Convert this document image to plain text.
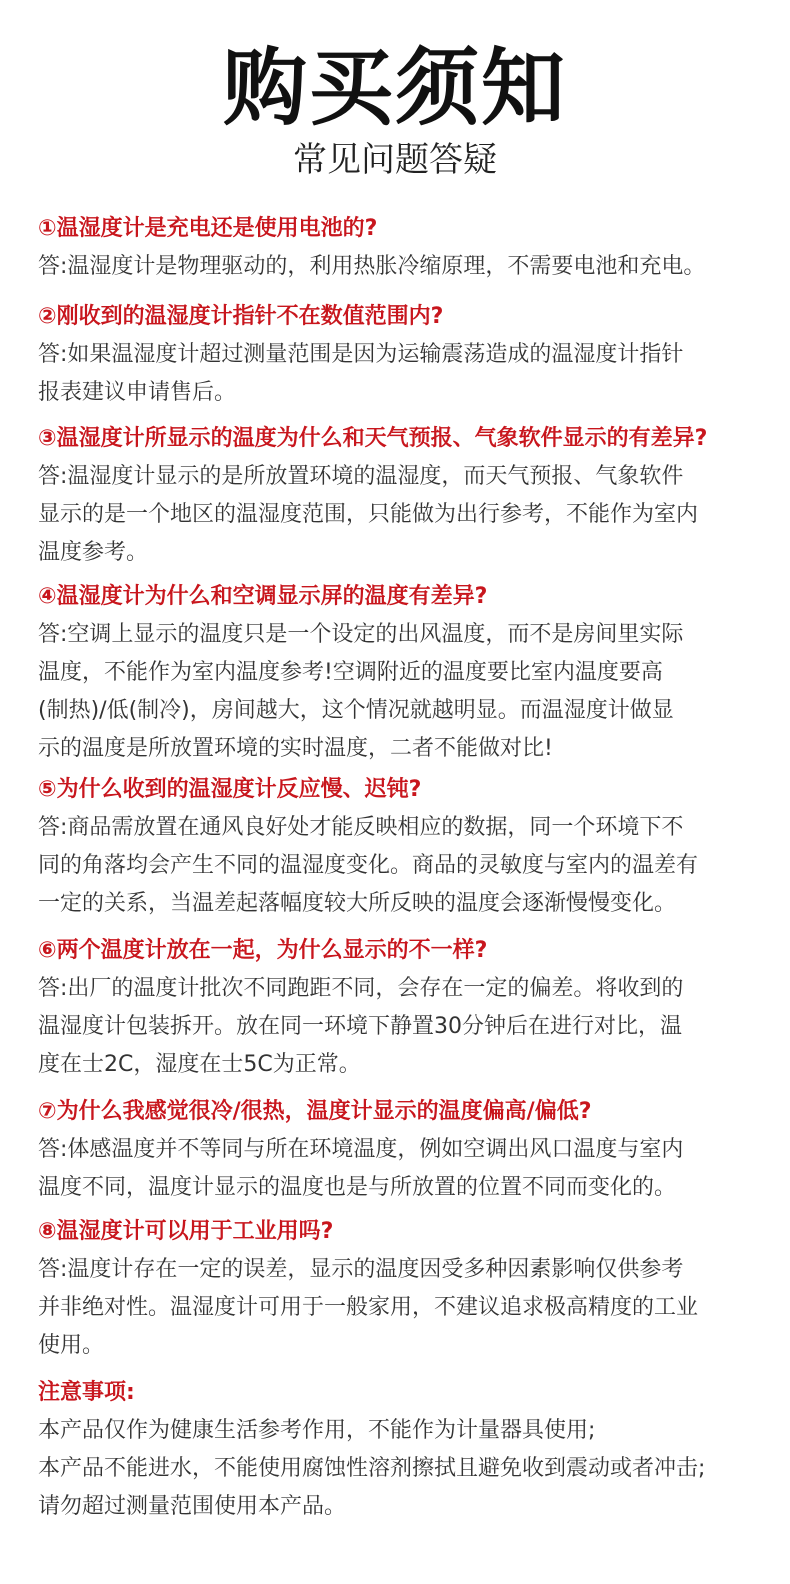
购买须知
常见问题答疑
①温湿度计是充电还是使用电池的?
答:温湿度计是物理驱动的，利用热胀冷缩原理，不需要电池和充电。
②刚收到的温湿度计指针不在数值范围内?
答:如果温湿度计超过测量范围是因为运输震荡造成的温湿度计指针
报表建议申请售后。
③温湿度计所显示的温度为什么和天气预报、气象软件显示的有差异?
答:温湿度计显示的是所放置环境的温湿度，而天气预报、气象软件
显示的是一个地区的温湿度范围，只能做为出行参考，不能作为室内
温度参考。
④温湿度计为什么和空调显示屏的温度有差异?
答:空调上显示的温度只是一个设定的出风温度，而不是房间里实际
温度，不能作为室内温度参考!空调附近的温度要比室内温度要高
(制热)/低(制冷)，房间越大，这个情况就越明显。而温湿度计做显
示的温度是所放置环境的实时温度，二者不能做对比!
⑤为什么收到的温湿度计反应慢、迟钝?
答:商品需放置在通风良好处才能反映相应的数据，同一个环境下不
同的角落均会产生不同的温湿度变化。商品的灵敏度与室内的温差有
一定的关系，当温差起落幅度较大所反映的温度会逐渐慢慢变化。
⑥两个温度计放在一起，为什么显示的不一样?
答:出厂的温度计批次不同跑距不同，会存在一定的偏差。将收到的
温湿度计包装拆开。放在同一环境下静置30分钟后在进行对比，温
度在士2C，湿度在士5C为正常。
⑦为什么我感觉很冷/很热，温度计显示的温度偏高/偏低?
答:体感温度并不等同与所在环境温度，例如空调出风口温度与室内
温度不同，温度计显示的温度也是与所放置的位置不同而变化的。
⑧温湿度计可以用于工业用吗?
答:温度计存在一定的误差，显示的温度因受多种因素影响仅供参考
并非绝对性。温湿度计可用于一般家用，不建议追求极高精度的工业
使用。
注意事项:
本产品仅作为健康生活参考作用，不能作为计量器具使用;
本产品不能进水，不能使用腐蚀性溶剂擦拭且避免收到震动或者冲击;
请勿超过测量范围使用本产品。
